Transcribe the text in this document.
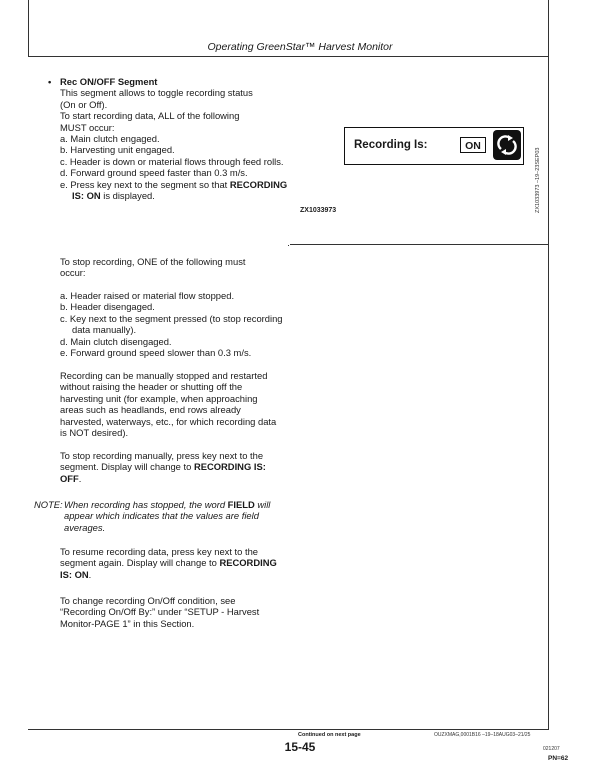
Operating GreenStar™ Harvest Monitor

• Rec ON/OFF Segment

This segment allows to toggle recording status

(On or Off).

To start recording data, ALL of the following

MUST occur:

a. Main clutch engaged.
b. Harvesting unit engaged.
c. Header is down or material flows through feed rolls.
d. Forward ground speed faster than 0.3 m/s.
e. Press key next to the segment so that RECORDING IS: ON is displayed.
Recording Is:	ON
ZX1033973	ZX1033973 –19–23SEP03

To stop recording, ONE of the following must

occur:

a. Header raised or material flow stopped.
b. Header disengaged.
c. Key next to the segment pressed (to stop recording data manually).
d. Main clutch disengaged.
e. Forward ground speed slower than 0.3 m/s.

Recording can be manually stopped and restarted

without raising the header or shutting off the

harvesting unit (for example, when approaching

areas such as headlands, end rows already

harvested, waterways, etc., for which recording data

is NOT desired).

To stop recording manually, press key next to the

segment. Display will change to RECORDING IS:

OFF.

NOTE: When recording has stopped, the word FIELD will appear which indicates that the values are field averages.

To resume recording data, press key next to the

segment again. Display will change to RECORDING

IS: ON.

To change recording On/Off condition, see

“Recording On/Off By:” under “SETUP - Harvest

Monitor-PAGE 1” in this Section.

Continued on next page	OUZXMAG,0001B16 –19–18AUG03–21/25
15-45	021207
PN=62
